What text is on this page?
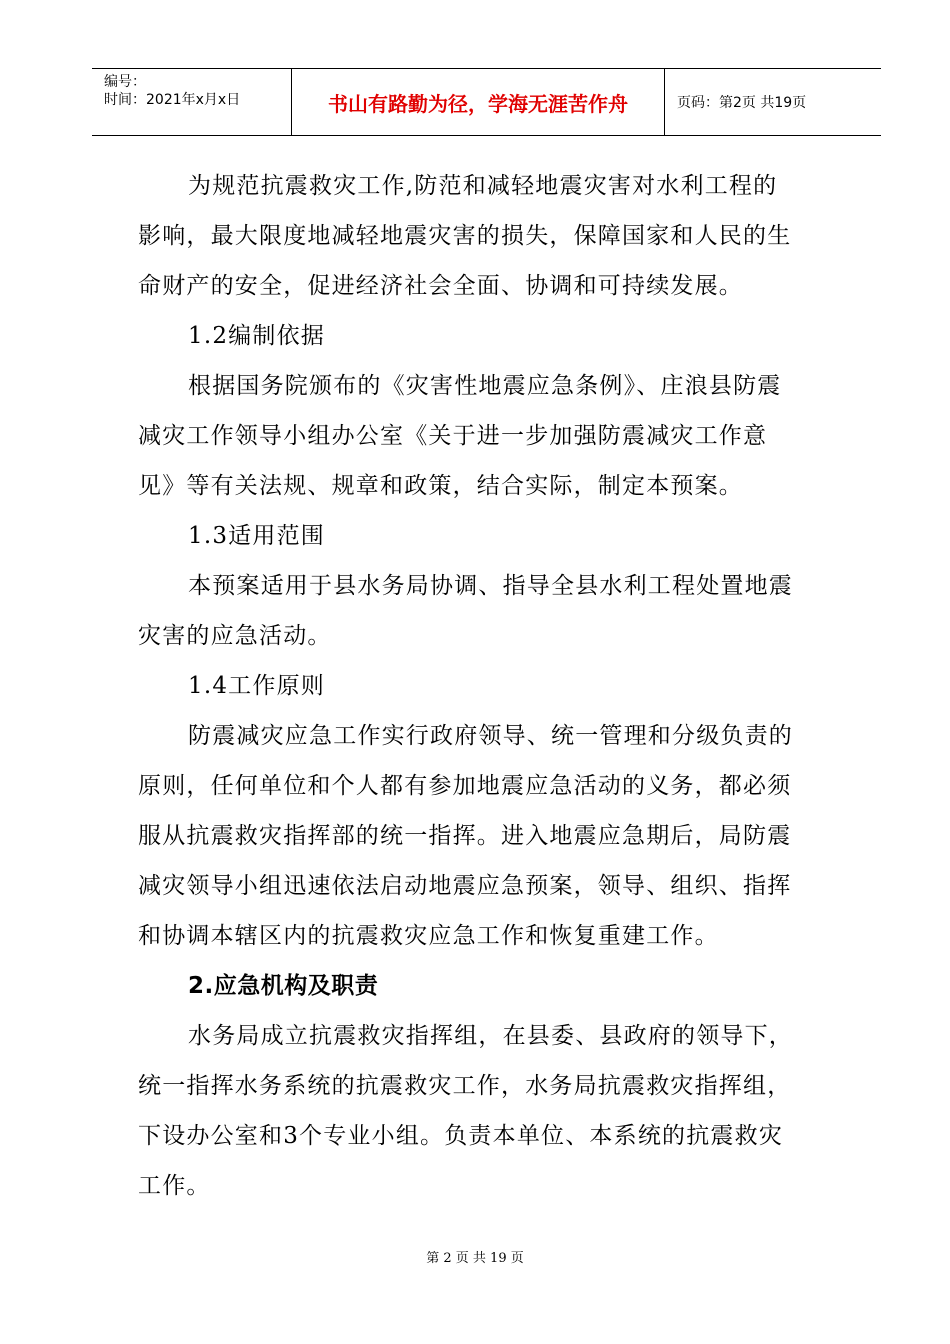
编号：
时间：2021年x月x日	书山有路勤为径，学海无涯苦作舟	页码：第2页 共19页
为规范抗震救灾工作,防范和减轻地震灾害对水利工程的
影响，最大限度地减轻地震灾害的损失，保障国家和人民的生
命财产的安全，促进经济社会全面、协调和可持续发展。
1.2编制依据
根据国务院颁布的《灾害性地震应急条例》、庄浪县防震
减灾工作领导小组办公室《关于进一步加强防震减灾工作意
见》等有关法规、规章和政策，结合实际，制定本预案。
1.3适用范围
本预案适用于县水务局协调、指导全县水利工程处置地震
灾害的应急活动。
1.4工作原则
防震减灾应急工作实行政府领导、统一管理和分级负责的
原则，任何单位和个人都有参加地震应急活动的义务，都必须
服从抗震救灾指挥部的统一指挥。进入地震应急期后，局防震
减灾领导小组迅速依法启动地震应急预案，领导、组织、指挥
和协调本辖区内的抗震救灾应急工作和恢复重建工作。
2.应急机构及职责
水务局成立抗震救灾指挥组，在县委、县政府的领导下，
统一指挥水务系统的抗震救灾工作，水务局抗震救灾指挥组，
下设办公室和3个专业小组。负责本单位、本系统的抗震救灾
工作。
第 2 页 共 19 页
